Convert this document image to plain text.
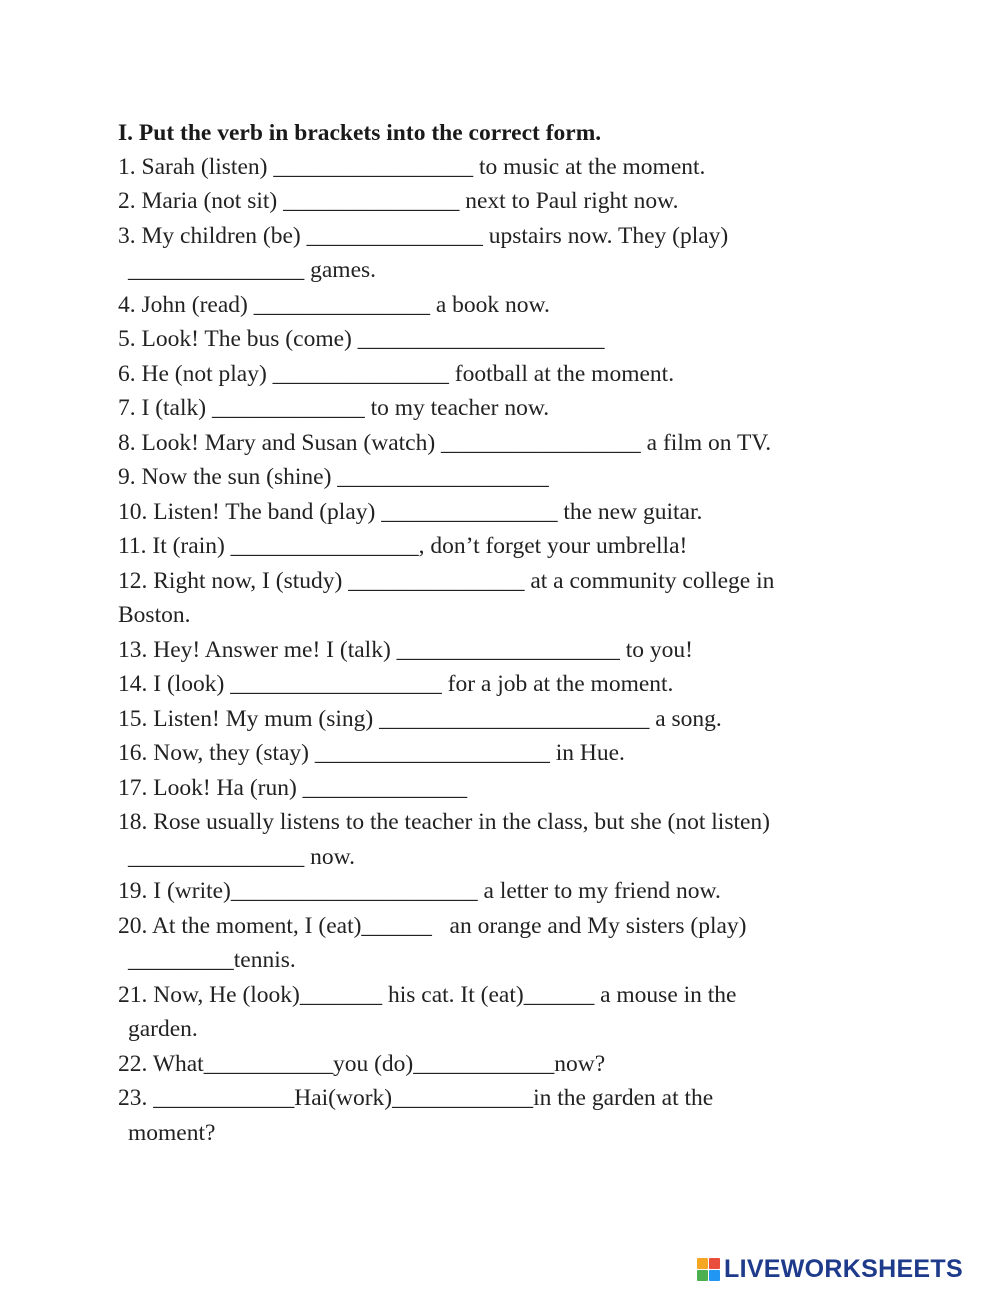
I. Put the verb in brackets into the correct form.
1. Sarah (listen) _________________ to music at the moment.
2. Maria (not sit) _______________ next to Paul right now.
3. My children (be) _______________ upstairs now. They (play)
_______________ games.
4. John (read) _______________ a book now.
5. Look! The bus (come) _____________________
6. He (not play) _______________ football at the moment.
7. I (talk) _____________ to my teacher now.
8. Look! Mary and Susan (watch) _________________ a film on TV.
9. Now the sun (shine) __________________
10. Listen! The band (play) _______________ the new guitar.
11. It (rain) ________________, don’t forget your umbrella!
12. Right now, I (study) _______________ at a community college in
Boston.
13. Hey! Answer me! I (talk) ___________________ to you!
14. I (look) __________________ for a job at the moment.
15. Listen! My mum (sing) _______________________ a song.
16. Now, they (stay) ____________________ in Hue.
17. Look! Ha (run) ______________
18. Rose usually listens to the teacher in the class, but she (not listen)
_______________ now.
19. I (write)_____________________ a letter to my friend now.
20. At the moment, I (eat)______   an orange and My sisters (play)
_________tennis.
21. Now, He (look)_______ his cat. It (eat)______ a mouse in the
garden.
22. What___________you (do)____________now?
23. ____________Hai(work)____________in the garden at the
moment?
LIVEWORKSHEETS
